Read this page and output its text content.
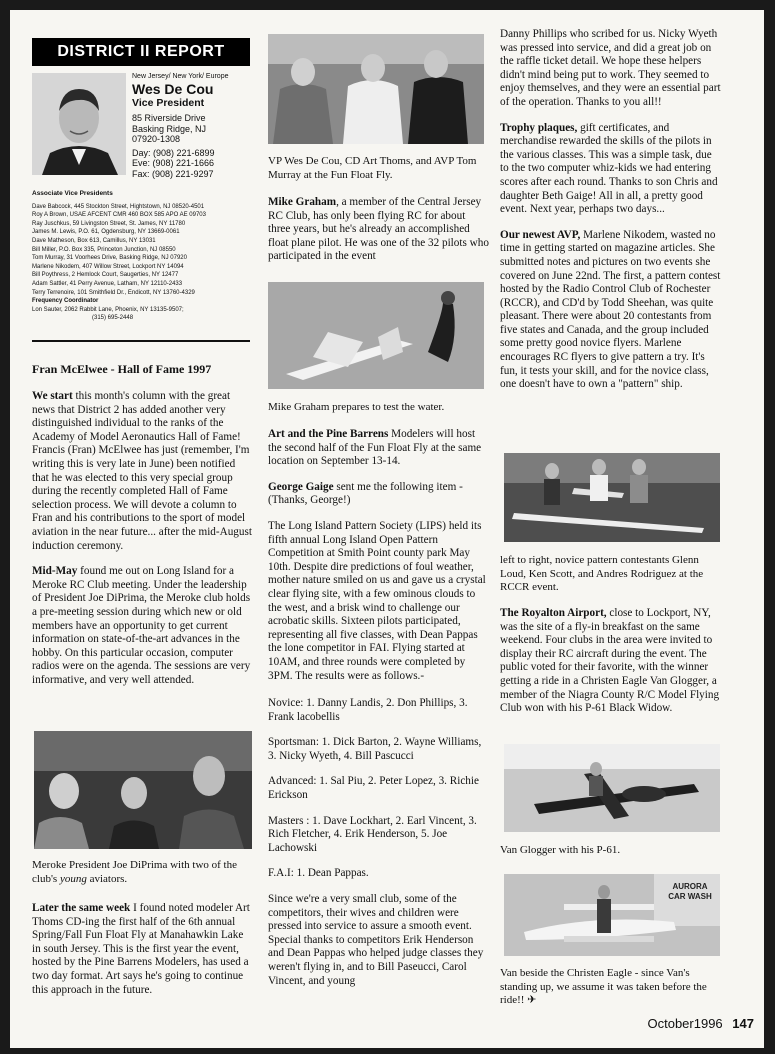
DISTRICT II REPORT
New Jersey/ New York/ Europe
Wes De Cou
Vice President
85 Riverside Drive
Basking Ridge, NJ
07920-1308
Day: (908) 221-6899
Eve: (908) 221-1666
Fax: (908) 221-9297

Associate Vice Presidents

Dave Babcock, 445 Stockton Street, Hightstown, NJ 08520-4501

Roy A Brown, USAE AFCENT CMR 460 BOX 585 APO AE 09703

Ray Juschkus, 59 Livingston Street, St. James, NY 11780

James M. Lewis, P.O. 61, Ogdensburg, NY 13669-0061

Dave Matheson, Box 613, Camillus, NY 13031

Bill Miller, P.O. Box 335, Princeton Junction, NJ 08550

Tom Murray, 31 Voorhees Drive, Basking Ridge, NJ 07920

Marlene Nikodem, 407 Willow Street, Lockport NY 14094

Bill Poythress, 2 Hemlock Court, Saugerties, NY 12477

Adam Sattler, 41 Perry Avenue, Latham, NY 12110-2433

Terry Terrenoire, 101 Smithfield Dr., Endicott, NY 13760-4329

Frequency Coordinator

Lon Sauter, 2062 Rabbit Lane, Phoenix, NY 13135-9507;

(315) 695-2448

Fran McElwee - Hall of Fame 1997

We start this month's column with the great news that District 2 has added another very distinguished individual to the ranks of the Academy of Model Aeronautics Hall of Fame! Francis (Fran) McElwee has just (remember, I'm writing this is very late in June) been notified that he was elected to this very special group during the recently completed Hall of Fame selection process. We will devote a column to Fran and his contributions to the sport of model aviation in the near future... after the mid-August induction ceremony.

Mid-May found me out on Long Island for a Meroke RC Club meeting. Under the leadership of President Joe DiPrima, the Meroke club holds a pre-meeting session during which new or old members have an opportunity to get current information on state-of-the-art advances in the hobby. On this particular occasion, computer radios were on the agenda. The sessions are very informative, and very well attended.

Meroke President Joe DiPrima with two of the club's young aviators.

Later the same week I found noted modeler Art Thoms CD-ing the first half of the 6th annual Spring/Fall Fun Float Fly at Manahawkin Lake in south Jersey. This is the first year the event, hosted by the Pine Barrens Modelers, has used a two day format. Art says he's going to continue this approach in the future.

VP Wes De Cou, CD Art Thoms, and AVP Tom Murray at the Fun Float Fly.

Mike Graham, a member of the Central Jersey RC Club, has only been flying RC for about three years, but he's already an accomplished float plane pilot. He was one of the 32 pilots who participated in the event

Mike Graham prepares to test the water.

Art and the Pine Barrens Modelers will host the second half of the Fun Float Fly at the same location on September 13-14.

George Gaige sent me the following item - (Thanks, George!)

The Long Island Pattern Society (LIPS) held its fifth annual Long Island Open Pattern Competition at Smith Point county park May 10th. Despite dire predictions of foul weather, mother nature smiled on us and gave us a crystal clear flying site, with a few ominous clouds to the west, and a brisk wind to challenge our acrobatic skills. Sixteen pilots participated, representing all five classes, with Dean Pappas the lone competitor in FAI. Flying started at 10AM, and three rounds were completed by 3PM. The results were as follows.-

Novice: 1. Danny Landis, 2. Don Phillips, 3. Frank lacobellis

Sportsman: 1. Dick Barton, 2. Wayne Williams, 3. Nicky Wyeth, 4. Bill Pascucci

Advanced: 1. Sal Piu, 2. Peter Lopez, 3. Richie Erickson

Masters : 1. Dave Lockhart, 2. Earl Vincent, 3. Rich Fletcher, 4. Erik Henderson, 5. Joe Lachowski

F.A.I: 1. Dean Pappas.

Since we're a very small club, some of the competitors, their wives and children were pressed into service to assure a smooth event. Special thanks to competitors Erik Henderson and Dean Pappas who helped judge classes they weren't flying in, and to Bill Paseucci, Carol Vincent, and young

Danny Phillips who scribed for us. Nicky Wyeth was pressed into service, and did a great job on the raffle ticket detail. We hope these helpers didn't mind being put to work. They seemed to enjoy themselves, and they were an essential part of the operation. Thanks to you all!!

Trophy plaques, gift certificates, and merchandise rewarded the skills of the pilots in the various classes. This was a simple task, due to the two computer whiz-kids we had entering scores after each round. Thanks to son Chris and daughter Beth Gaige! All in all, a pretty good event. Next year, perhaps two days...

Our newest AVP, Marlene Nikodem, wasted no time in getting started on magazine articles. She submitted notes and pictures on two events she covered on June 22nd. The first, a pattern contest hosted by the Radio Control Club of Rochester (RCCR), and CD'd by Todd Sheehan, was quite pleasant. There were about 20 contestants from five states and Canada, and the group included some pretty good novice flyers. Marlene encourages RC flyers to give pattern a try. It's fun, it tests your skill, and for the novice class, one doesn't have to own a "pattern" ship.

left to right, novice pattern contestants Glenn Loud, Ken Scott, and Andres Rodriguez at the RCCR event.

The Royalton Airport, close to Lockport, NY, was the site of a fly-in breakfast on the same weekend. Four clubs in the area were invited to display their RC aircraft during the event. The public voted for their favorite, with the winner getting a ride in a Christen Eagle Van Glogger, a member of the Niagra County R/C Model Flying Club won with his P-61 Black Widow.

Van Glogger with his P-61.
AURORA
CAR WASH
Van beside the Christen Eagle - since Van's standing up, we assume it was taken before the ride!! ✈
October1996 147
